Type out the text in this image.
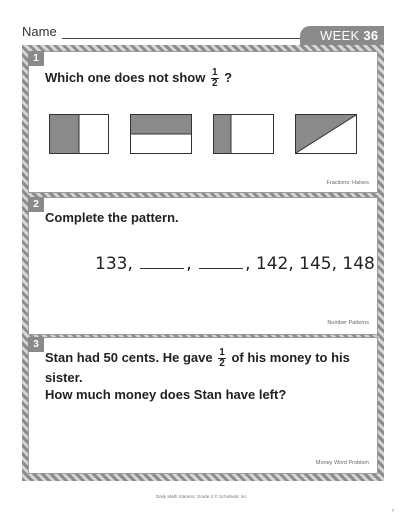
Name	WEEK 36
1
Which one does not show $\frac{1}{2}$ ?
Fractions: Halves
2
Complete the pattern.
133,	,	, 142, 145, 148
Number Patterns
3
Stan had 50 cents. He gave $\frac{1}{2}$ of his money to his sister.
How much money does Stan have left?
Money Word Problem
Daily Math Starters: Grade 2 © Scholastic Inc.
7
